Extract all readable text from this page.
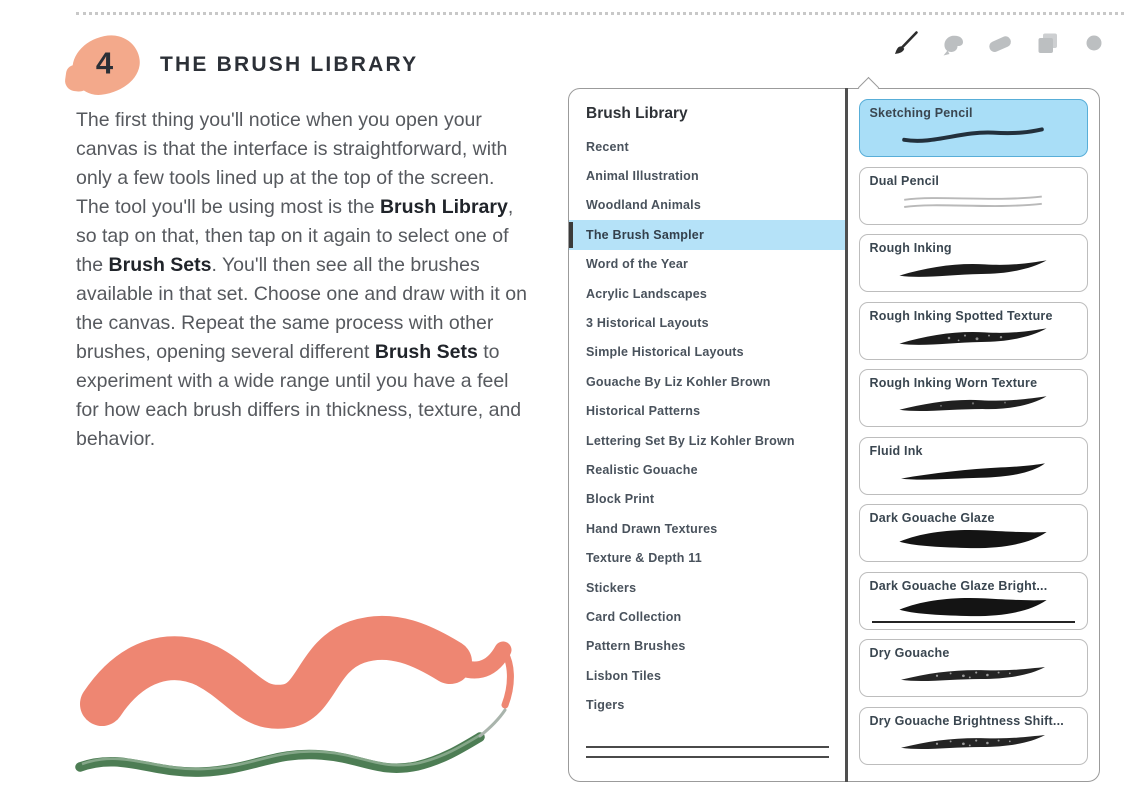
4 THE BRUSH LIBRARY

The first thing you'll notice when you open your canvas is that the interface is straightforward, with only a few tools lined up at the top of the screen. The tool you'll be using most is the Brush Library, so tap on that, then tap on it again to select one of the Brush Sets. You'll then see all the brushes available in that set. Choose one and draw with it on the canvas. Repeat the same process with other brushes, opening several different Brush Sets to experiment with a wide range until you have a feel for how each brush differs in thickness, texture, and behavior.

Brush Library
Recent
Animal Illustration
Woodland Animals
The Brush Sampler
Word of the Year
Acrylic Landscapes
3 Historical Layouts
Simple Historical Layouts
Gouache By Liz Kohler Brown
Historical Patterns
Lettering Set By Liz Kohler Brown
Realistic Gouache
Block Print
Hand Drawn Textures
Texture & Depth 11
Stickers
Card Collection
Pattern Brushes
Lisbon Tiles
Tigers
Sketching Pencil
Dual Pencil
Rough Inking
Rough Inking Spotted Texture
Rough Inking Worn Texture
Fluid Ink
Dark Gouache Glaze
Dark Gouache Glaze Bright...
Dry Gouache
Dry Gouache Brightness Shift...
